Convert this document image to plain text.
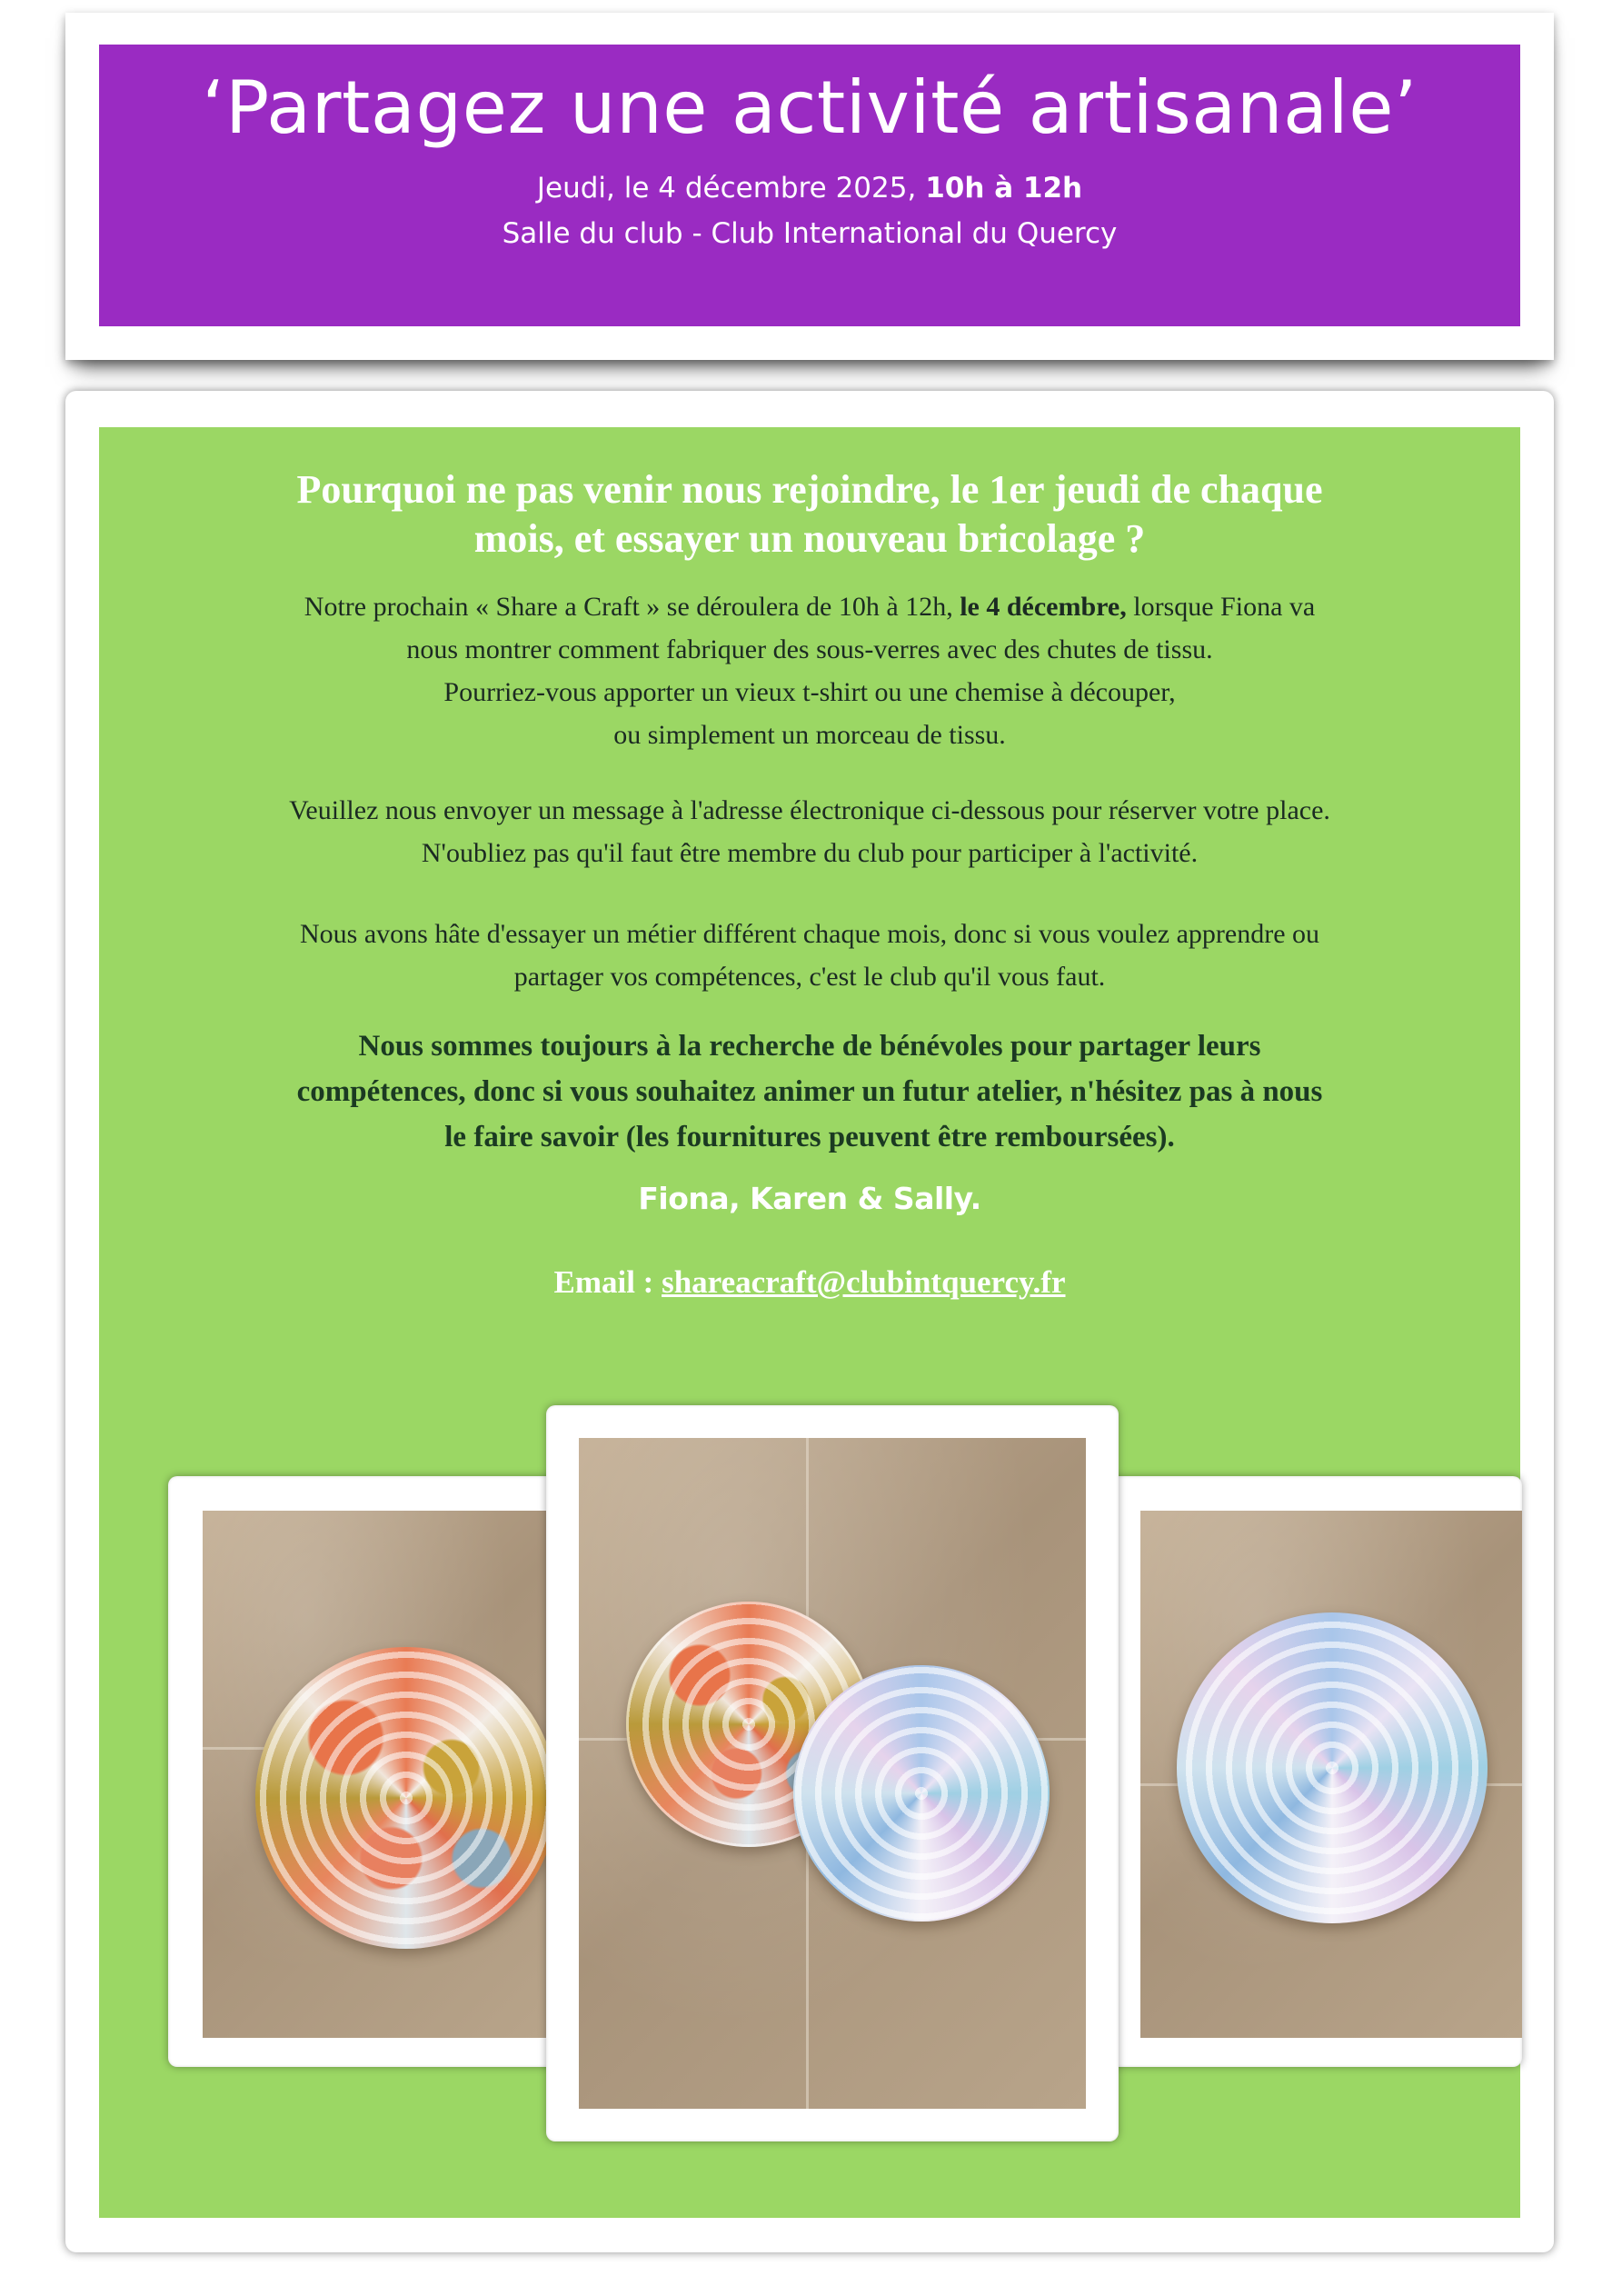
‘Partagez une activité artisanale’
Jeudi, le 4 décembre 2025, 10h à 12h
Salle du club - Club International du Quercy
Pourquoi ne pas venir nous rejoindre, le 1er jeudi de chaque
mois, et essayer un nouveau bricolage ?
Notre prochain « Share a Craft » se déroulera de 10h à 12h, le 4 décembre, lorsque Fiona va
nous montrer comment fabriquer des sous-verres avec des chutes de tissu.
Pourriez-vous apporter un vieux t-shirt ou une chemise à découper,
ou simplement un morceau de tissu.
Veuillez nous envoyer un message à l'adresse électronique ci-dessous pour réserver votre place.
N'oubliez pas qu'il faut être membre du club pour participer à l'activité.
Nous avons hâte d'essayer un métier différent chaque mois, donc si vous voulez apprendre ou
partager vos compétences, c'est le club qu'il vous faut.
Nous sommes toujours à la recherche de bénévoles pour partager leurs
compétences, donc si vous souhaitez animer un futur atelier, n'hésitez pas à nous
le faire savoir (les fournitures peuvent être remboursées).
Fiona, Karen & Sally.
Email : shareacraft@clubintquercy.fr
